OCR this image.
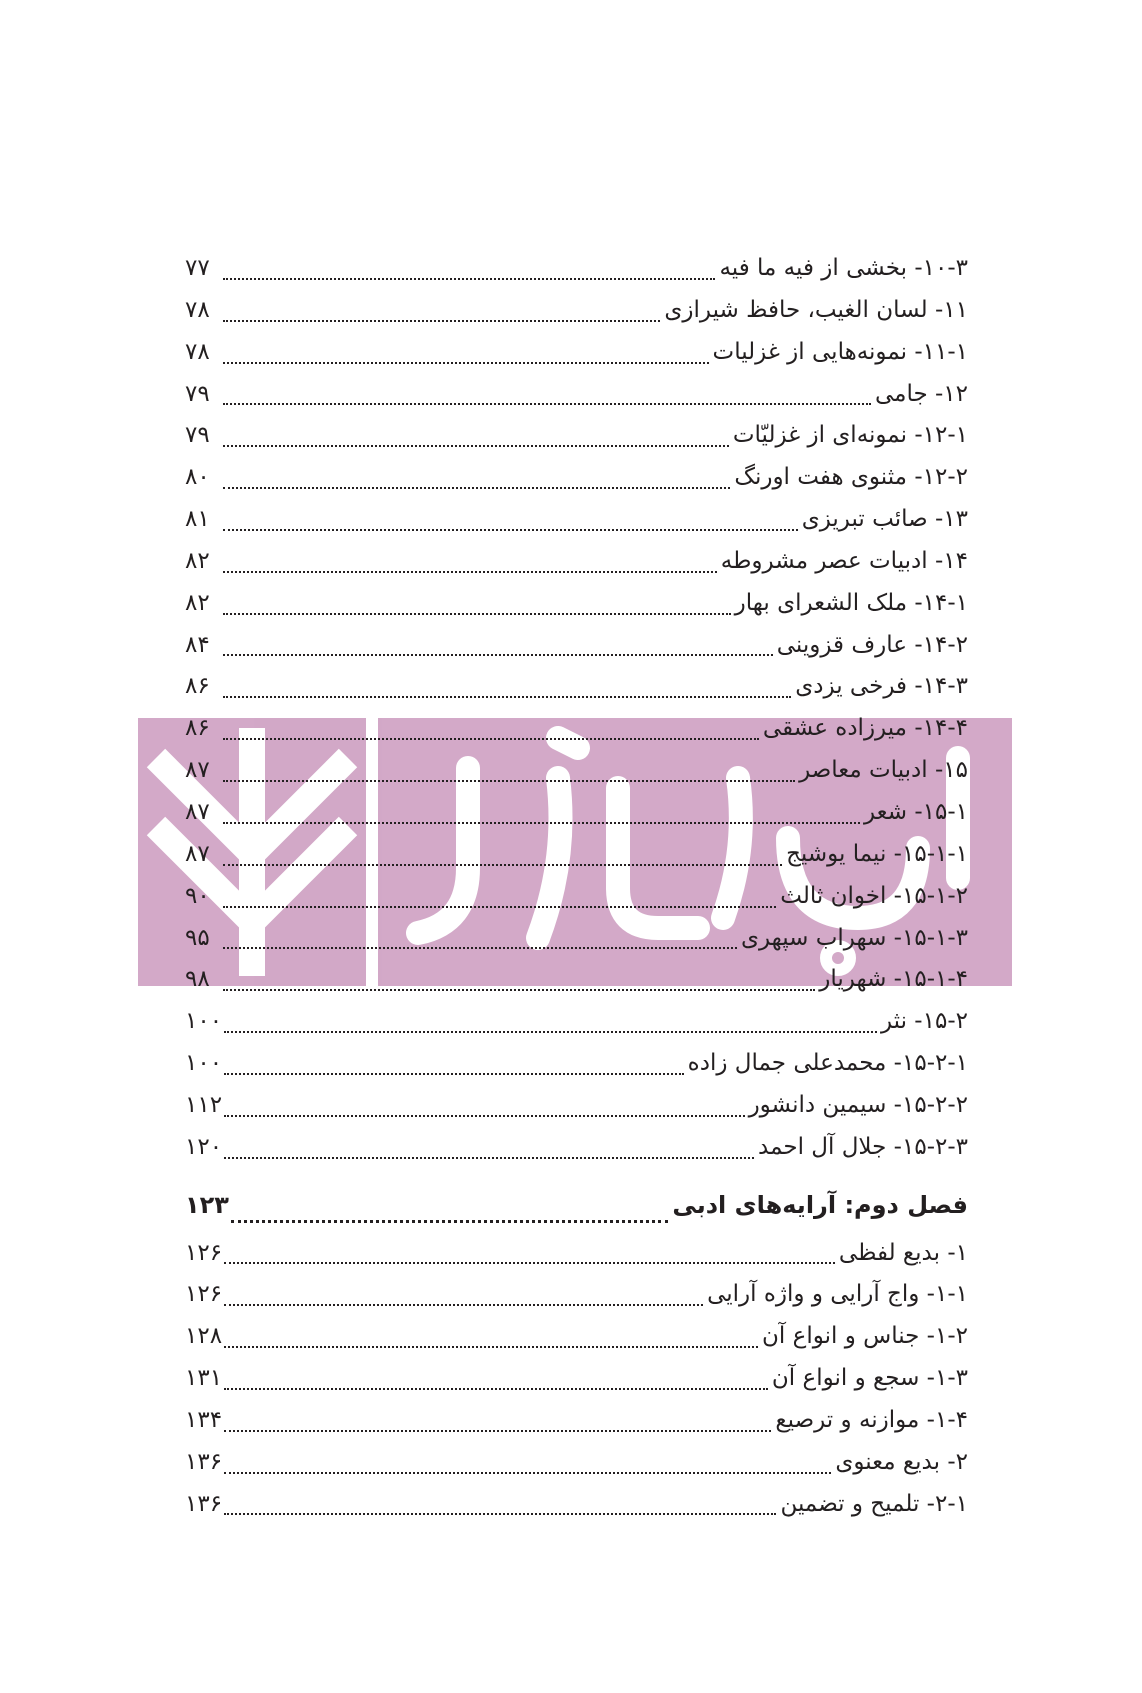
۱۰-۳- بخشی از فیه ما فیه
۷۷
۱۱- لسان الغیب، حافظ شیرازی
۷۸
۱۱-۱- نمونه‌هایی از غزلیات
۷۸
۱۲- جامی
۷۹
۱۲-۱- نمونه‌ای از غزلیّات
۷۹
۱۲-۲- مثنوی هفت اورنگ
۸۰
۱۳- صائب تبریزی
۸۱
۱۴- ادبیات عصر مشروطه
۸۲
۱۴-۱- ملک الشعرای بهار
۸۲
۱۴-۲- عارف قزوینی
۸۴
۱۴-۳- فرخی یزدی
۸۶
۱۴-۴- میرزاده عشقی
۸۶
۱۵- ادبیات معاصر
۸۷
۱۵-۱- شعر
۸۷
۱۵-۱-۱- نیما یوشیج
۸۷
۱۵-۱-۲- اخوان ثالث
۹۰
۱۵-۱-۳- سهراب سپهری
۹۵
۱۵-۱-۴- شهریار
۹۸
۱۵-۲- نثر
۱۰۰
۱۵-۲-۱- محمدعلی جمال زاده
۱۰۰
۱۵-۲-۲- سیمین دانشور
۱۱۲
۱۵-۲-۳- جلال آل احمد
۱۲۰
فصل دوم: آرایه‌های ادبی
۱۲۳
۱- بدیع لفظی
۱۲۶
۱-۱- واج آرایی و واژه آرایی
۱۲۶
۱-۲- جناس و انواع آن
۱۲۸
۱-۳- سجع و انواع آن
۱۳۱
۱-۴- موازنه و ترصیع
۱۳۴
۲- بدیع معنوی
۱۳۶
۲-۱- تلمیح و تضمین
۱۳۶
